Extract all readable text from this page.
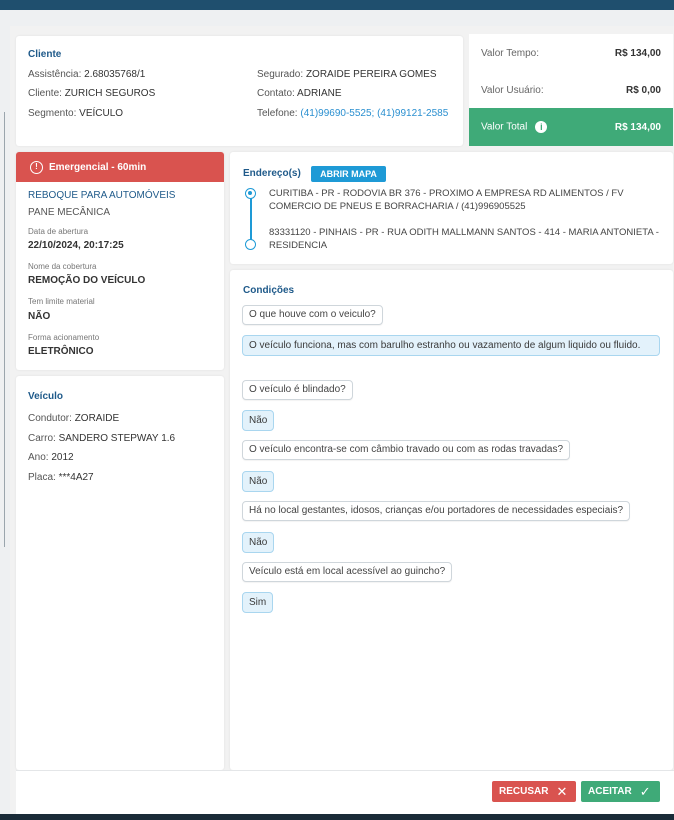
Cliente
Assistência: 2.68035768/1
Cliente: ZURICH SEGUROS
Segmento: VEÍCULO
Segurado: ZORAIDE PEREIRA GOMES
Contato: ADRIANE
Telefone: (41)99690-5525; (41)99121-2585
Valor Tempo:	R$ 134,00
Valor Usuário:	R$ 0,00
Valor Total i	R$ 134,00
!	Emergencial - 60min
REBOQUE PARA AUTOMÓVEIS
PANE MECÂNICA
Data de abertura
22/10/2024, 20:17:25
Nome da cobertura
REMOÇÃO DO VEÍCULO
Tem limite material
NÃO
Forma acionamento
ELETRÔNICO
Veículo
Condutor: ZORAIDE
Carro: SANDERO STEPWAY 1.6
Ano: 2012
Placa: ***4A27
Endereço(s)	ABRIR MAPA
CURITIBA - PR - RODOVIA BR 376 - PROXIMO A EMPRESA RD ALIMENTOS / FV COMERCIO DE PNEUS E BORRACHARIA / (41)996905525
83331120 - PINHAIS - PR - RUA ODITH MALLMANN SANTOS - 414 - MARIA ANTONIETA - RESIDENCIA
Condições
O que houve com o veiculo?
O veículo funciona, mas com barulho estranho ou vazamento de algum liquido ou fluido.
O veículo é blindado?
Não
O veículo encontra-se com câmbio travado ou com as rodas travadas?
Não
Há no local gestantes, idosos, crianças e/ou portadores de necessidades especiais?
Não
Veículo está em local acessível ao guincho?
Sim
RECUSAR ✕ ACEITAR ✓
